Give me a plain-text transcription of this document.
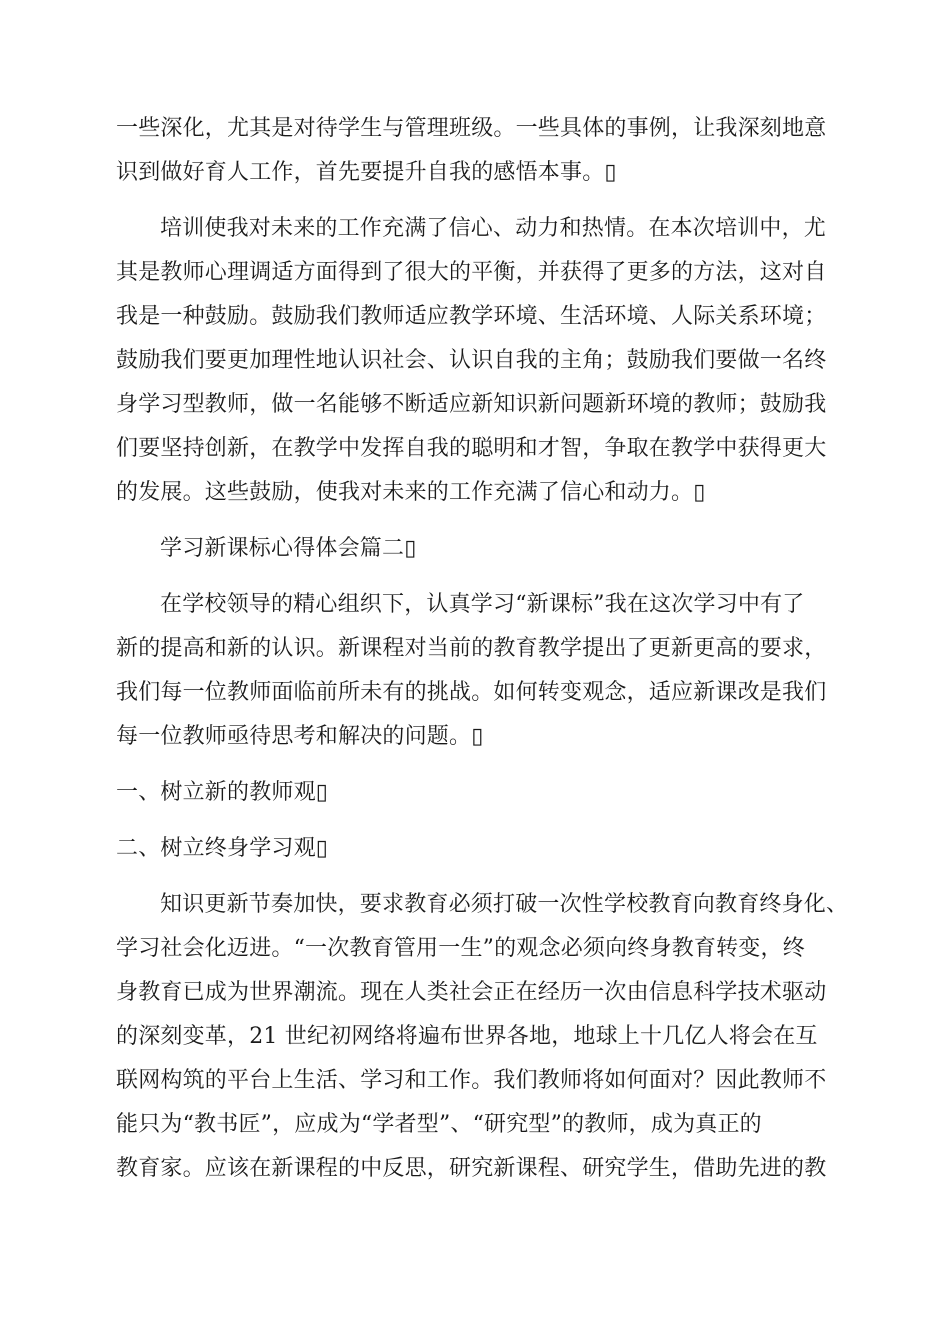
一些深化，尤其是对待学生与管理班级。一些具体的事例，让我深刻地意
识到做好育人工作，首先要提升自我的感悟本事。▯
培训使我对未来的工作充满了信心、动力和热情。在本次培训中，尤
其是教师心理调适方面得到了很大的平衡，并获得了更多的方法，这对自
我是一种鼓励。鼓励我们教师适应教学环境、生活环境、人际关系环境；
鼓励我们要更加理性地认识社会、认识自我的主角；鼓励我们要做一名终
身学习型教师，做一名能够不断适应新知识新问题新环境的教师；鼓励我
们要坚持创新，在教学中发挥自我的聪明和才智，争取在教学中获得更大
的发展。这些鼓励，使我对未来的工作充满了信心和动力。▯
学习新课标心得体会篇二▯
在学校领导的精心组织下，认真学习“新课标”我在这次学习中有了
新的提高和新的认识。新课程对当前的教育教学提出了更新更高的要求，
我们每一位教师面临前所未有的挑战。如何转变观念，适应新课改是我们
每一位教师亟待思考和解决的问题。▯
一、树立新的教师观▯
二、树立终身学习观▯
知识更新节奏加快，要求教育必须打破一次性学校教育向教育终身化、
学习社会化迈进。“一次教育管用一生”的观念必须向终身教育转变，终
身教育已成为世界潮流。现在人类社会正在经历一次由信息科学技术驱动
的深刻变革，21 世纪初网络将遍布世界各地，地球上十几亿人将会在互
联网构筑的平台上生活、学习和工作。我们教师将如何面对？因此教师不
能只为“教书匠”，应成为“学者型”、“研究型”的教师，成为真正的
教育家。应该在新课程的中反思，研究新课程、研究学生，借助先进的教
